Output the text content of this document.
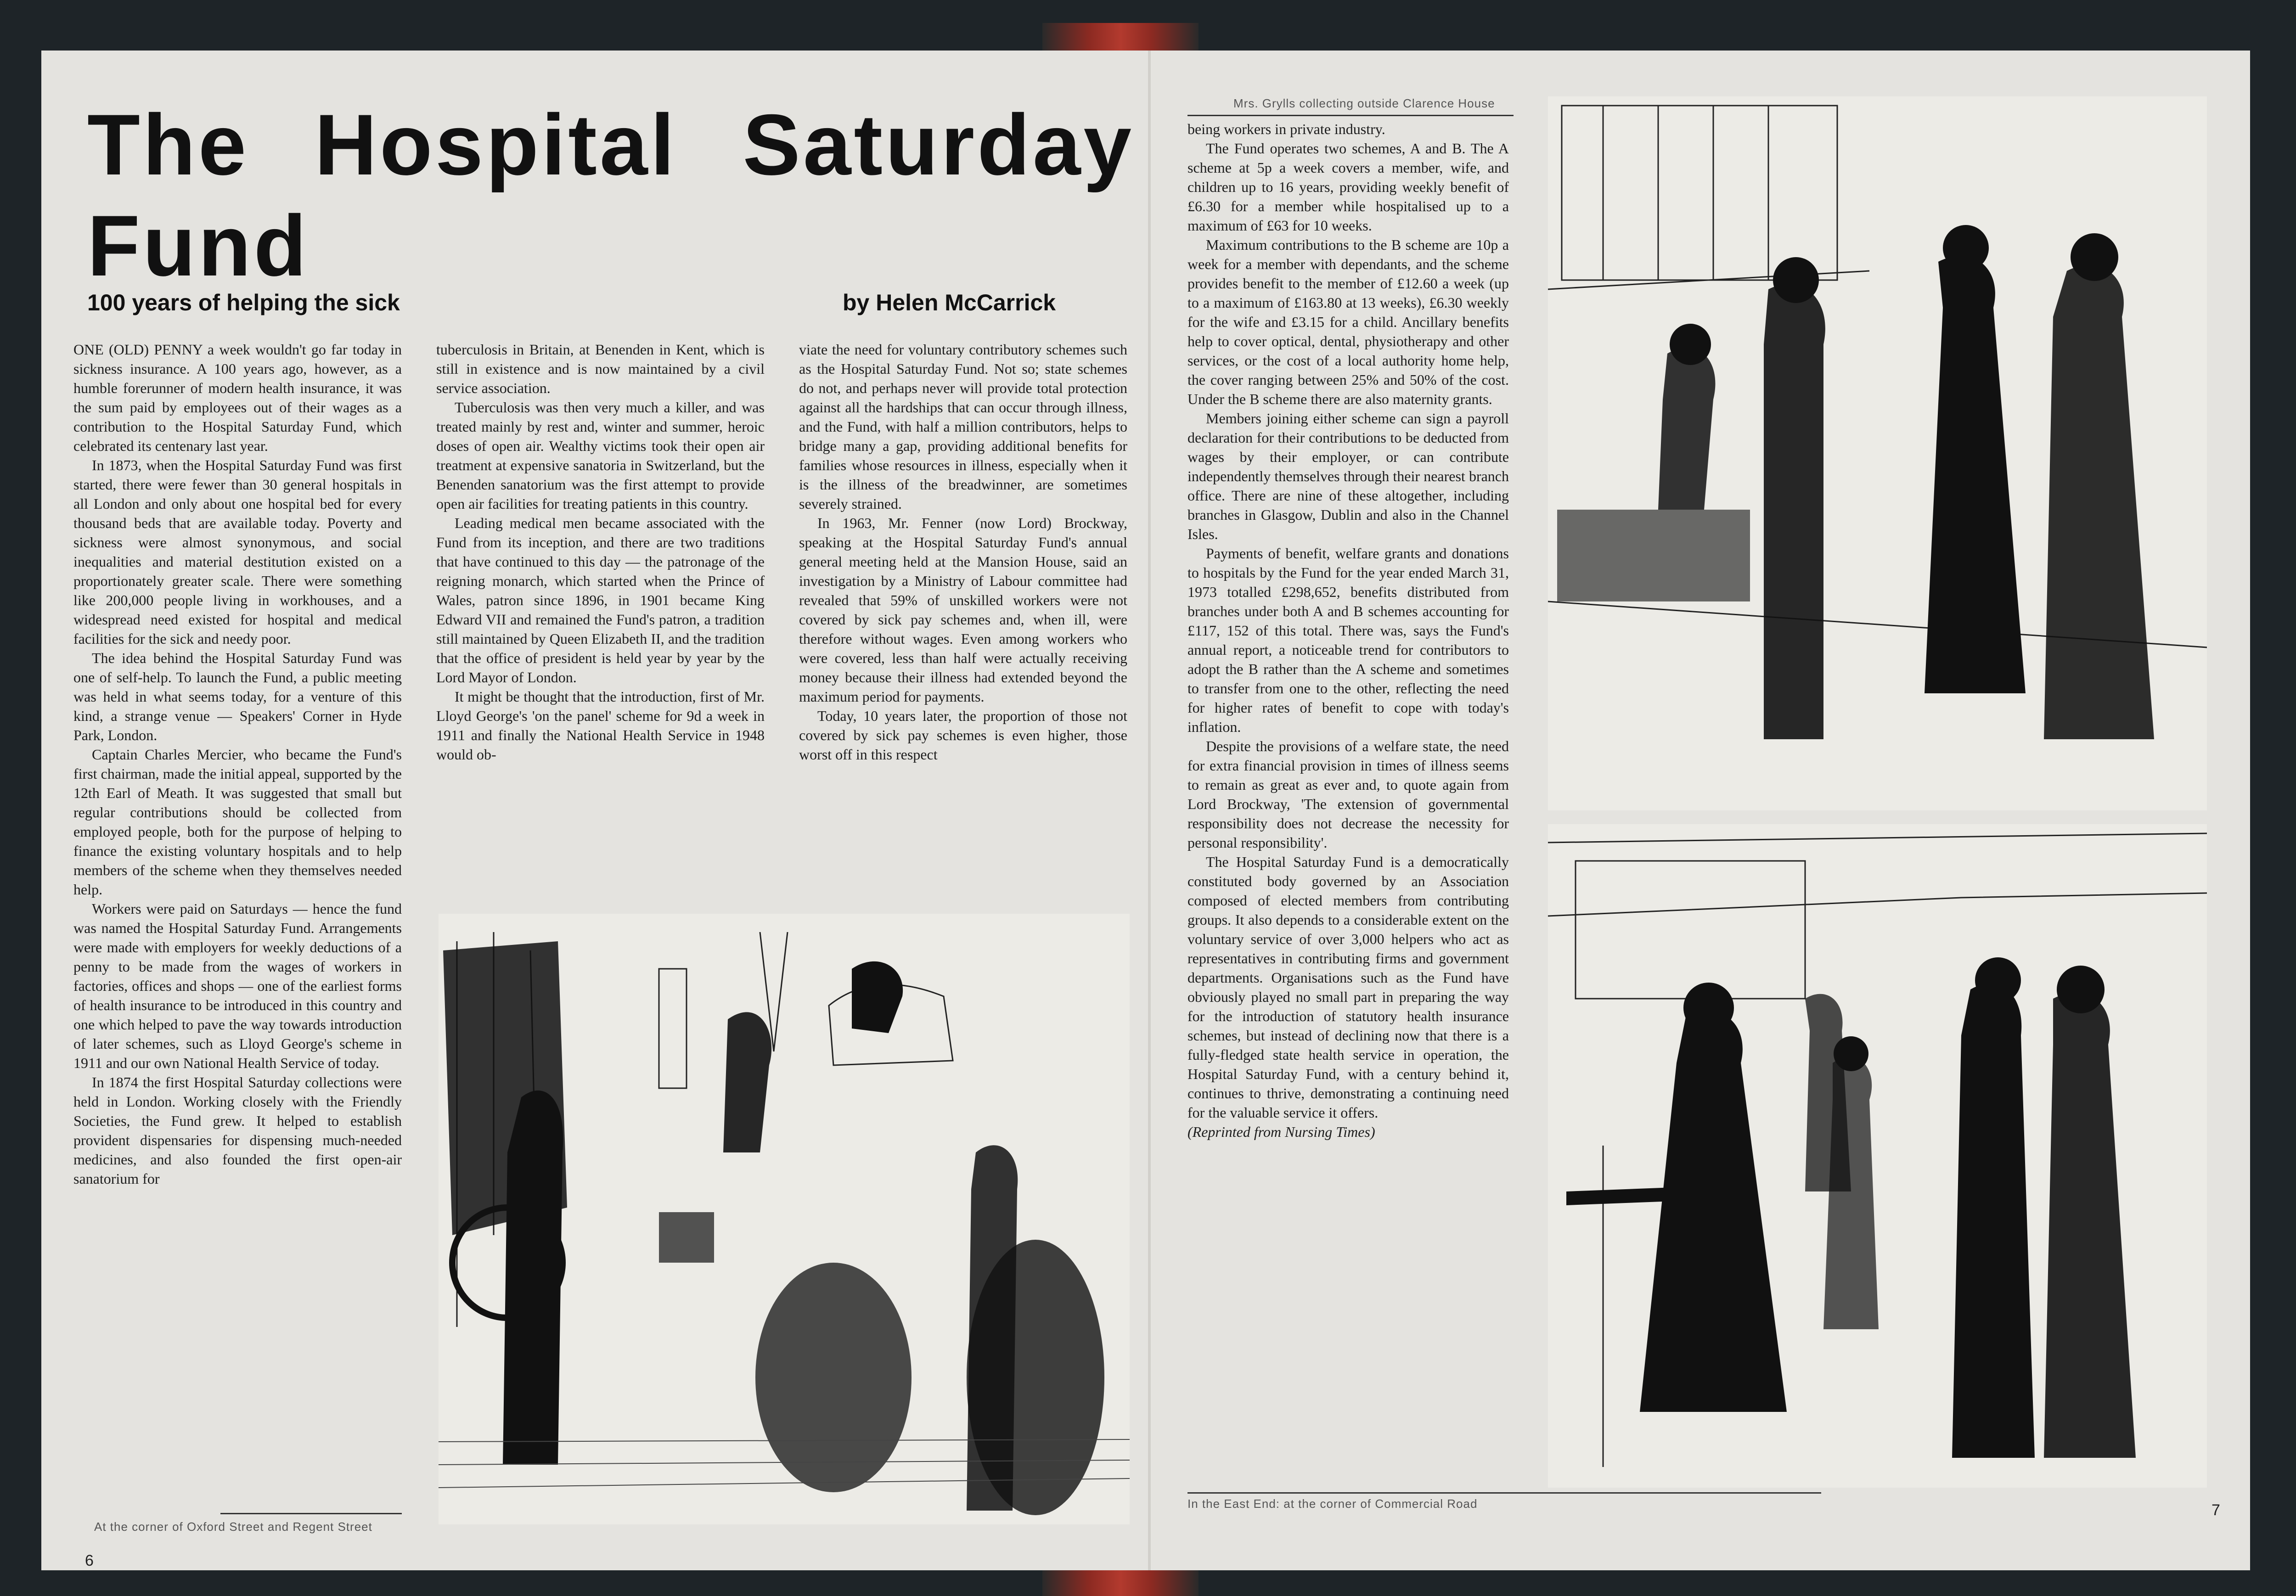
The Hospital Saturday
Fund
100 years of helping the sick	by Helen McCarrick

ONE (OLD) PENNY a week wouldn't go far today in sickness insurance. A 100 years ago, however, as a humble forerunner of modern health insurance, it was the sum paid by employees out of their wages as a contribution to the Hospital Saturday Fund, which celebrated its centenary last year.

In 1873, when the Hospital Saturday Fund was first started, there were fewer than 30 general hospitals in all London and only about one hospital bed for every thousand beds that are available today. Poverty and sickness were almost synonymous, and social inequalities and material destitution existed on a proportionately greater scale. There were something like 200,000 people living in workhouses, and a widespread need existed for hospital and medical facilities for the sick and needy poor.

The idea behind the Hospital Saturday Fund was one of self-help. To launch the Fund, a public meeting was held in what seems today, for a venture of this kind, a strange venue — Speakers' Corner in Hyde Park, London.

Captain Charles Mercier, who became the Fund's first chairman, made the initial appeal, supported by the 12th Earl of Meath. It was suggested that small but regular contributions should be collected from employed people, both for the purpose of helping to finance the existing voluntary hospitals and to help members of the scheme when they themselves needed help.

Workers were paid on Saturdays — hence the fund was named the Hospital Saturday Fund. Arrangements were made with employers for weekly deductions of a penny to be made from the wages of workers in factories, offices and shops — one of the earliest forms of health insurance to be introduced in this country and one which helped to pave the way towards introduction of later schemes, such as Lloyd George's scheme in 1911 and our own National Health Service of today.

In 1874 the first Hospital Saturday collections were held in London. Working closely with the Friendly Societies, the Fund grew. It helped to establish provident dispensaries for dispensing much-needed medicines, and also founded the first open-air sanatorium for

tuberculosis in Britain, at Benenden in Kent, which is still in existence and is now maintained by a civil service association.

Tuberculosis was then very much a killer, and was treated mainly by rest and, winter and summer, heroic doses of open air. Wealthy victims took their open air treatment at expensive sanatoria in Switzerland, but the Benenden sanatorium was the first attempt to provide open air facilities for treating patients in this country.

Leading medical men became associated with the Fund from its inception, and there are two traditions that have continued to this day — the patronage of the reigning monarch, which started when the Prince of Wales, patron since 1896, in 1901 became King Edward VII and remained the Fund's patron, a tradition still maintained by Queen Elizabeth II, and the tradition that the office of president is held year by year by the Lord Mayor of London.

It might be thought that the introduction, first of Mr. Lloyd George's 'on the panel' scheme for 9d a week in 1911 and finally the National Health Service in 1948 would ob-

viate the need for voluntary contributory schemes such as the Hospital Saturday Fund. Not so; state schemes do not, and perhaps never will provide total protection against all the hardships that can occur through illness, and the Fund, with half a million contributors, helps to bridge many a gap, providing additional benefits for families whose resources in illness, especially when it is the illness of the breadwinner, are sometimes severely strained.

In 1963, Mr. Fenner (now Lord) Brockway, speaking at the Hospital Saturday Fund's annual general meeting held at the Mansion House, said an investigation by a Ministry of Labour committee had revealed that 59% of unskilled workers were not covered by sick pay schemes and, when ill, were therefore without wages. Even among workers who were covered, less than half were actually receiving money because their illness had extended beyond the maximum period for payments.

Today, 10 years later, the proportion of those not covered by sick pay schemes is even higher, those worst off in this respect

At the corner of Oxford Street and Regent Street
6
Mrs. Grylls collecting outside Clarence House

being workers in private industry.

The Fund operates two schemes, A and B. The A scheme at 5p a week covers a member, wife, and children up to 16 years, providing weekly benefit of £6.30 for a member while hospitalised up to a maximum of £63 for 10 weeks.

Maximum contributions to the B scheme are 10p a week for a member with dependants, and the scheme provides benefit to the member of £12.60 a week (up to a maximum of £163.80 at 13 weeks), £6.30 weekly for the wife and £3.15 for a child. Ancillary benefits help to cover optical, dental, physiotherapy and other services, or the cost of a local authority home help, the cover ranging between 25% and 50% of the cost. Under the B scheme there are also maternity grants.

Members joining either scheme can sign a payroll declaration for their contributions to be deducted from wages by their employer, or can contribute independently themselves through their nearest branch office. There are nine of these altogether, including branches in Glasgow, Dublin and also in the Channel Isles.

Payments of benefit, welfare grants and donations to hospitals by the Fund for the year ended March 31, 1973 totalled £298,652, benefits distributed from branches under both A and B schemes accounting for £117, 152 of this total. There was, says the Fund's annual report, a noticeable trend for contributors to adopt the B rather than the A scheme and sometimes to transfer from one to the other, reflecting the need for higher rates of benefit to cope with today's inflation.

Despite the provisions of a welfare state, the need for extra financial provision in times of illness seems to remain as great as ever and, to quote again from Lord Brockway, 'The extension of governmental responsibility does not decrease the necessity for personal responsibility'.

The Hospital Saturday Fund is a democratically constituted body governed by an Association composed of elected members from contributing groups. It also depends to a considerable extent on the voluntary service of over 3,000 helpers who act as representatives in contributing firms and government departments. Organisations such as the Fund have obviously played no small part in preparing the way for the introduction of statutory health insurance schemes, but instead of declining now that there is a fully-fledged state health service in operation, the Hospital Saturday Fund, with a century behind it, continues to thrive, demonstrating a continuing need for the valuable service it offers.

(Reprinted from Nursing Times)

In the East End: at the corner of Commercial Road	7
